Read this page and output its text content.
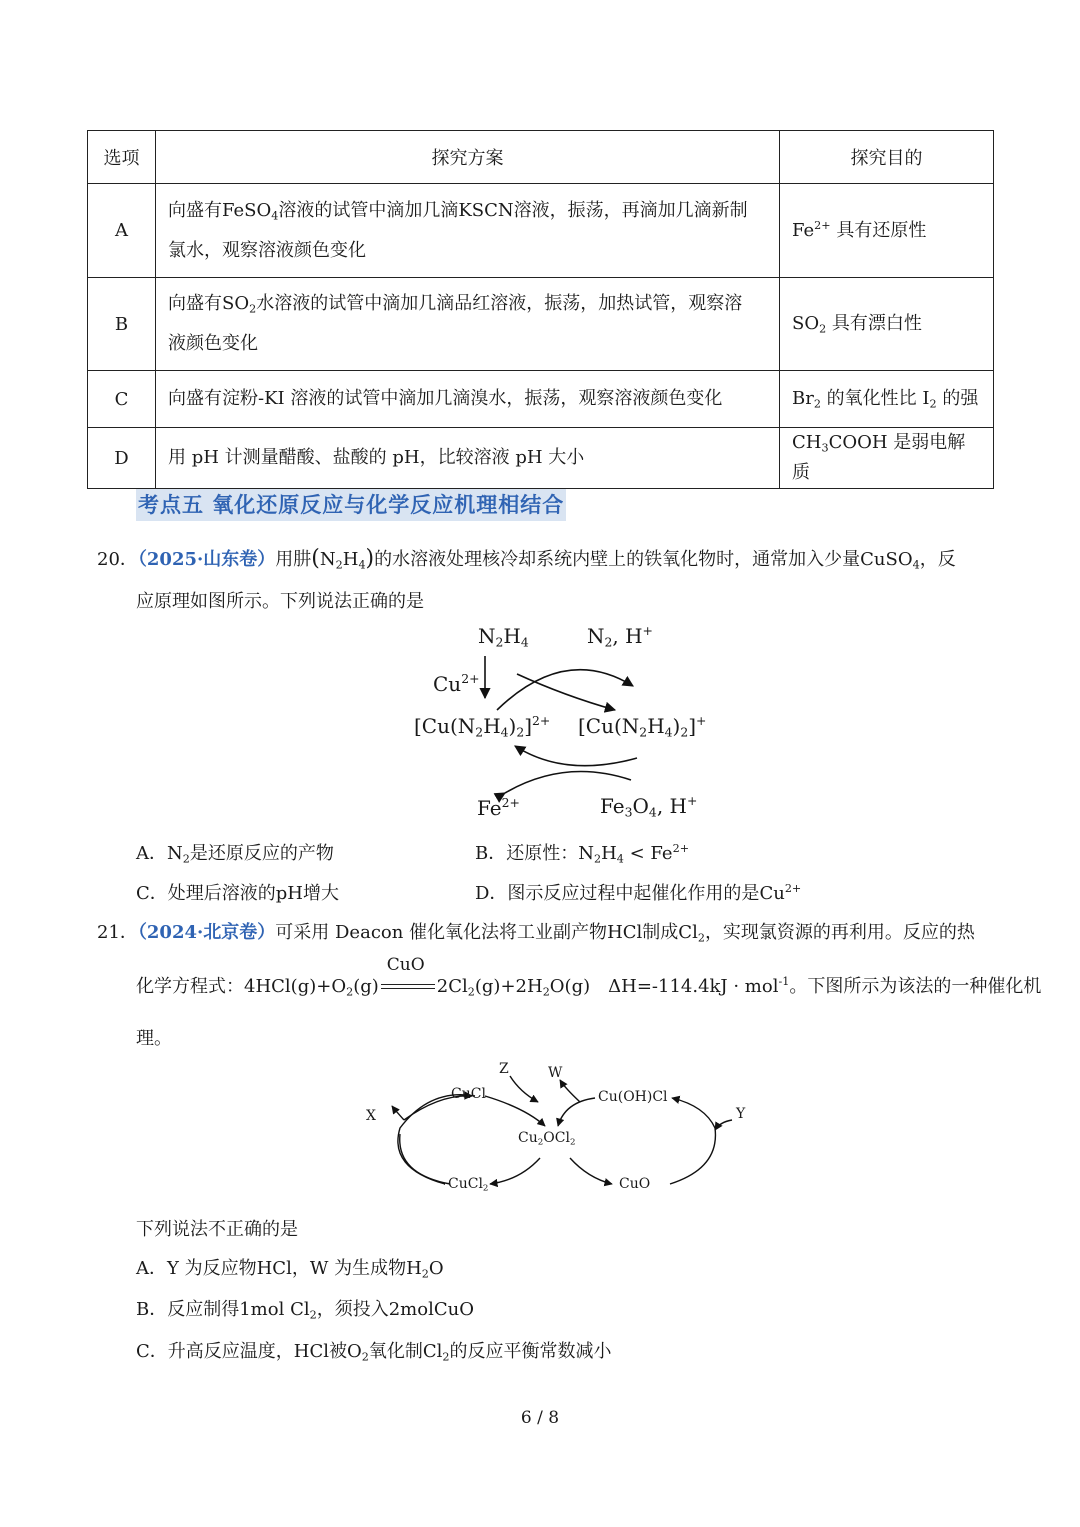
选项	探究方案	探究目的
A	向盛有FeSO$_4$溶液的试管中滴加几滴KSCN溶液，振荡，再滴加几滴新制
氯水，观察溶液颜色变化	$Fe^{2+}$ 具有还原性
B	向盛有$SO_2$水溶液的试管中滴加几滴品红溶液，振荡，加热试管，观察溶
液颜色变化	$SO_2$ 具有漂白性
C	向盛有淀粉-KI 溶液的试管中滴加几滴溴水，振荡，观察溶液颜色变化	$Br_2$ 的氧化性比 $I_2$ 的强
D	用 pH 计测量醋酸、盐酸的 pH，比较溶液 pH 大小	$CH_3COOH$ 是弱电解质
考点五 氧化还原反应与化学反应机理相结合
20．（2025·山东卷）用肼$(N_2H_4)$的水溶液处理核冷却系统内壁上的铁氧化物时，通常加入少量CuSO$_4$，反
应原理如图所示。下列说法正确的是
$N_2H_4$	$N_2$, H+
$Cu^{2+}$
$[Cu(N_2H_4)_2]^{2+}$ $[Cu(N_2H_4)_2]^+$
$Fe^{2+}$	$Fe_3O_4$, H+
A．$N_2$是还原反应的产物	B．还原性：$N_2H_4 < Fe^{2+}$
C．处理后溶液的pH增大	D．图示反应过程中起催化作用的是$Cu^{2+}$
21．（2024·北京卷）可采用 Deacon 催化氧化法将工业副产物HCl制成$Cl_2$，实现氯资源的再利用。反应的热
化学方程式：$4HCl(g)+O_2(g)$
CuO
$2Cl_2(g)+2H_2O(g) \Delta H=-114.4kJ \cdot mol^{-1}$。下图所示为该法的一种催化机
理。
CuCl
Z	W
Cu(OH)Cl
X	Y
$Cu_2OCl_2$
CuCl$_2$	CuO
下列说法不正确的是
A．Y 为反应物HCl，W 为生成物$H_2O$
B．反应制得1mol $Cl_2$，须投入2molCuO
C．升高反应温度，HCl被$O_2$氧化制$Cl_2$的反应平衡常数减小
6 / 8
